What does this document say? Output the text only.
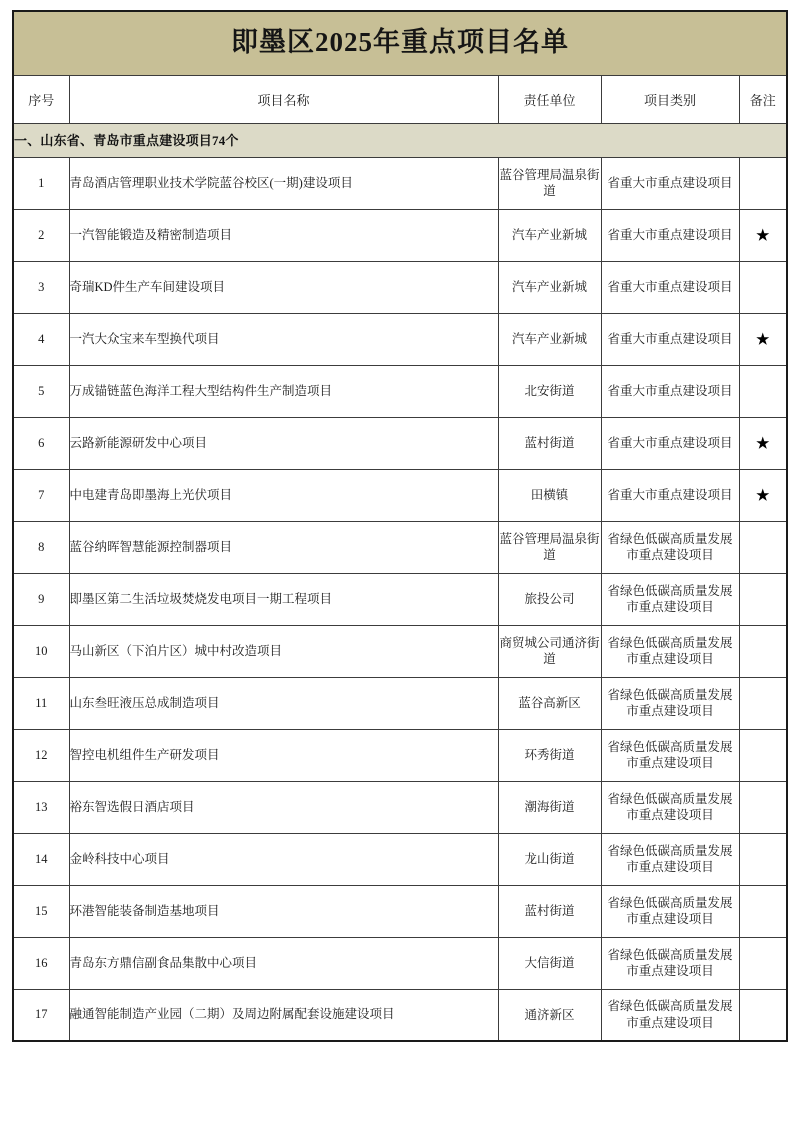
即墨区2025年重点项目名单				
序号	项目名称	责任单位	项目类别	备注
一、山东省、青岛市重点建设项目74个				
1	青岛酒店管理职业技术学院蓝谷校区(一期)建设项目	蓝谷管理局温泉街道	省重大市重点建设项目	
2	一汽智能锻造及精密制造项目	汽车产业新城	省重大市重点建设项目	★
3	奇瑞KD件生产车间建设项目	汽车产业新城	省重大市重点建设项目	
4	一汽大众宝来车型换代项目	汽车产业新城	省重大市重点建设项目	★
5	万成锚链蓝色海洋工程大型结构件生产制造项目	北安街道	省重大市重点建设项目	
6	云路新能源研发中心项目	蓝村街道	省重大市重点建设项目	★
7	中电建青岛即墨海上光伏项目	田横镇	省重大市重点建设项目	★
8	蓝谷纳晖智慧能源控制器项目	蓝谷管理局温泉街道	省绿色低碳高质量发展市重点建设项目	
9	即墨区第二生活垃圾焚烧发电项目一期工程项目	旅投公司	省绿色低碳高质量发展市重点建设项目	
10	马山新区（下泊片区）城中村改造项目	商贸城公司通济街道	省绿色低碳高质量发展市重点建设项目	
11	山东叁旺液压总成制造项目	蓝谷高新区	省绿色低碳高质量发展市重点建设项目	
12	智控电机组件生产研发项目	环秀街道	省绿色低碳高质量发展市重点建设项目	
13	裕东智选假日酒店项目	潮海街道	省绿色低碳高质量发展市重点建设项目	
14	金岭科技中心项目	龙山街道	省绿色低碳高质量发展市重点建设项目	
15	环港智能装备制造基地项目	蓝村街道	省绿色低碳高质量发展市重点建设项目	
16	青岛东方鼎信副食品集散中心项目	大信街道	省绿色低碳高质量发展市重点建设项目	
17	融通智能制造产业园（二期）及周边附属配套设施建设项目	通济新区	省绿色低碳高质量发展市重点建设项目	
